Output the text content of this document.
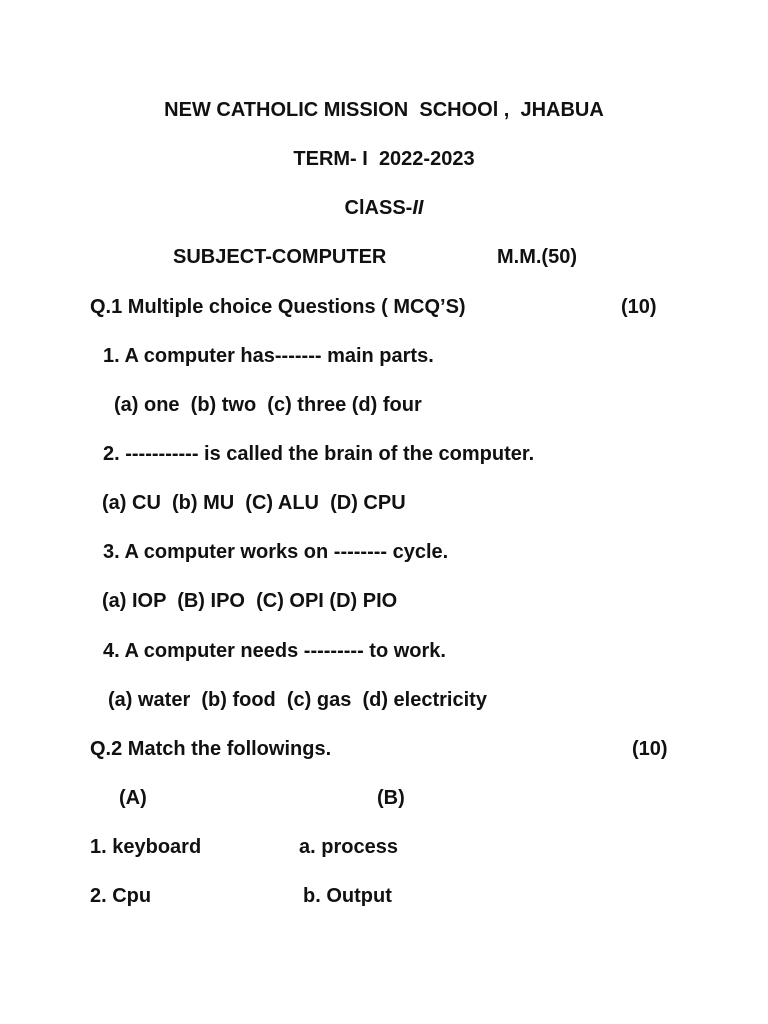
NEW CATHOLIC MISSION  SCHOOl ,  JHABUA
TERM- I  2022-2023
ClASS-II
SUBJECT-COMPUTER	M.M.(50)
Q.1 Multiple choice Questions ( MCQ’S)	(10)
1. A computer has------- main parts.
(a) one  (b) two  (c) three (d) four
2. ----------- is called the brain of the computer.
(a) CU  (b) MU  (C) ALU  (D) CPU
3. A computer works on -------- cycle.
(a) IOP  (B) IPO  (C) OPI (D) PIO
4. A computer needs --------- to work.
(a) water  (b) food  (c) gas  (d) electricity
Q.2 Match the followings.	(10)
(A)	(B)
1. keyboard	a. process
2. Cpu	b. Output
